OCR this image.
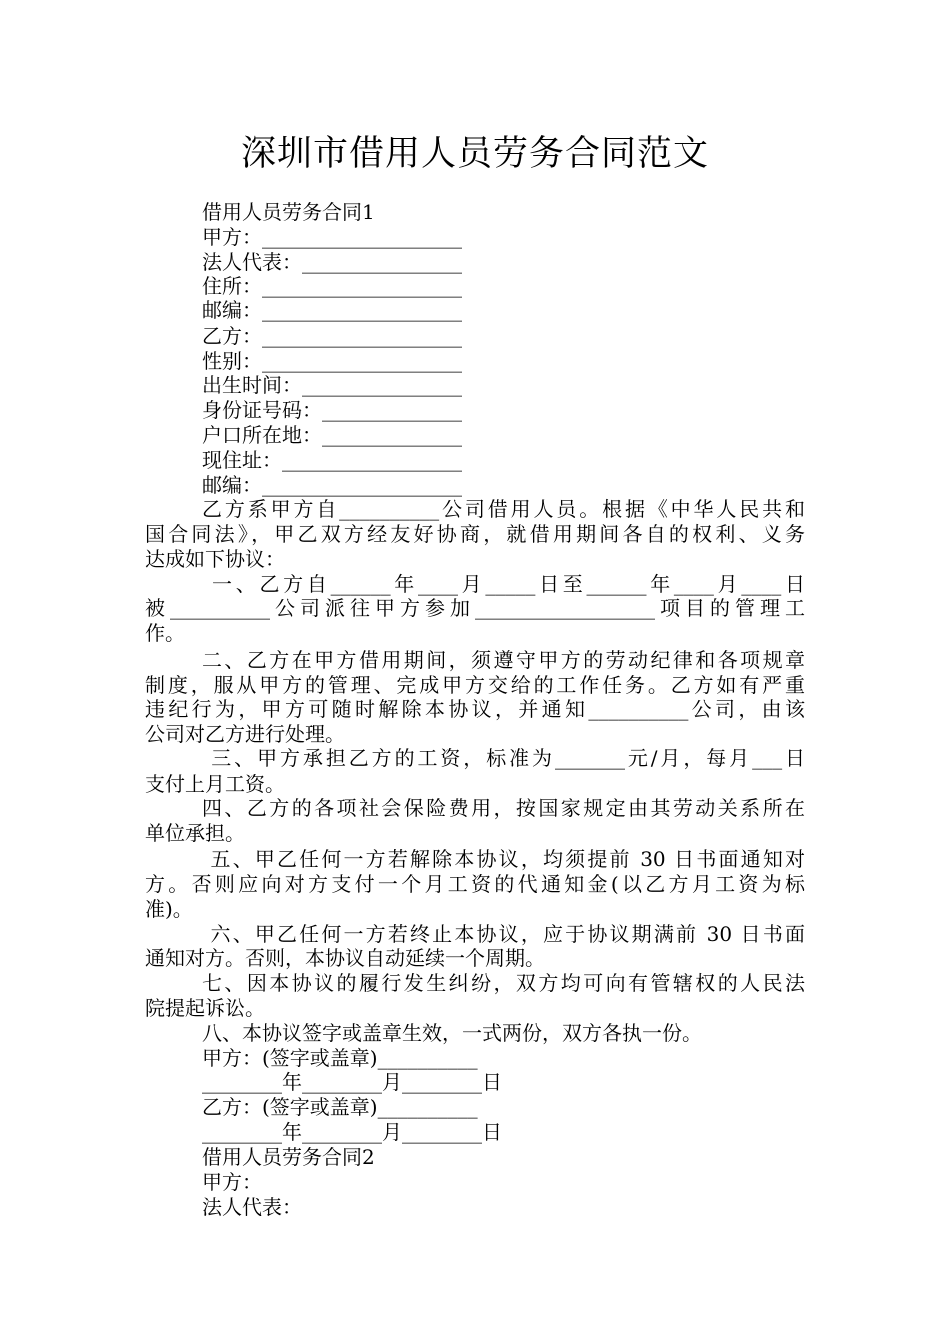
深圳市借用人员劳务合同范文
借用人员劳务合同1
甲方：____________________
法人代表：________________
住所：____________________
邮编：____________________
乙方：____________________
性别：____________________
出生时间：________________
身份证号码：______________
户口所在地：______________
现住址：__________________
邮编：____________________
乙方系甲方自__________公司借用人员。根据《中华人民共和
国合同法》，甲乙双方经友好协商，就借用期间各自的权利、义务
达成如下协议：
一、乙方自______年____月_____日至______年____月____日
被__________公司派往甲方参加__________________项目的管理工
作。
二、乙方在甲方借用期间，须遵守甲方的劳动纪律和各项规章
制度，服从甲方的管理、完成甲方交给的工作任务。乙方如有严重
违纪行为，甲方可随时解除本协议，并通知__________公司，由该
公司对乙方进行处理。
三、甲方承担乙方的工资，标准为_______元/月，每月___日
支付上月工资。
四、乙方的各项社会保险费用，按国家规定由其劳动关系所在
单位承担。
五、甲乙任何一方若解除本协议，均须提前 30 日书面通知对
方。否则应向对方支付一个月工资的代通知金(以乙方月工资为标
准)。
六、甲乙任何一方若终止本协议，应于协议期满前 30 日书面
通知对方。否则，本协议自动延续一个周期。
七、因本协议的履行发生纠纷，双方均可向有管辖权的人民法
院提起诉讼。
八、本协议签字或盖章生效，一式两份，双方各执一份。
甲方：(签字或盖章)__________
________年________月________日
乙方：(签字或盖章)__________
________年________月________日
借用人员劳务合同2
甲方：
法人代表：
